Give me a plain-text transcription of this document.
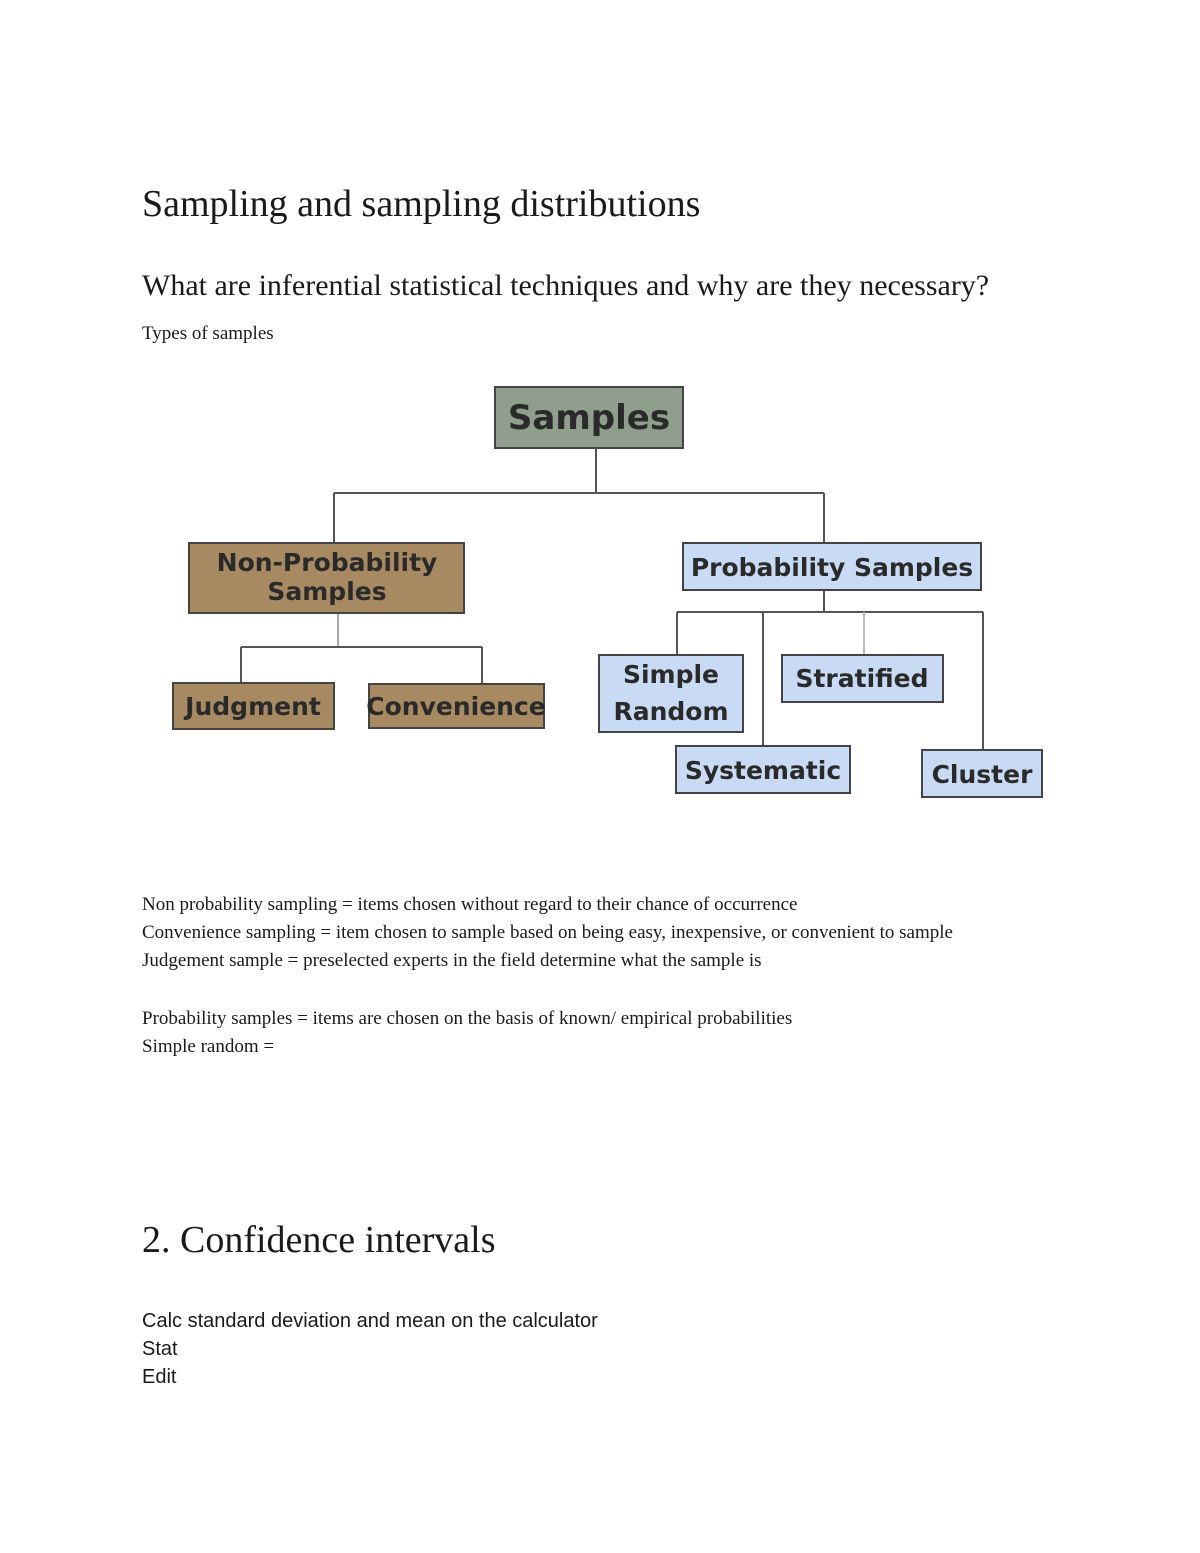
Sampling and sampling distributions
What are inferential statistical techniques and why are they necessary?

Types of samples

Samples
Non-Probability
Samples
Probability Samples
Judgment Convenience
Simple
Random
Stratified
Systematic	Cluster

Non probability sampling = items chosen without regard to their chance of occurrence

Convenience sampling = item chosen to sample based on being easy, inexpensive, or convenient to sample

Judgement sample = preselected experts in the field determine what the sample is

Probability samples = items are chosen on the basis of known/ empirical probabilities

Simple random =

2. Confidence intervals

Calc standard deviation and mean on the calculator

Stat

Edit
